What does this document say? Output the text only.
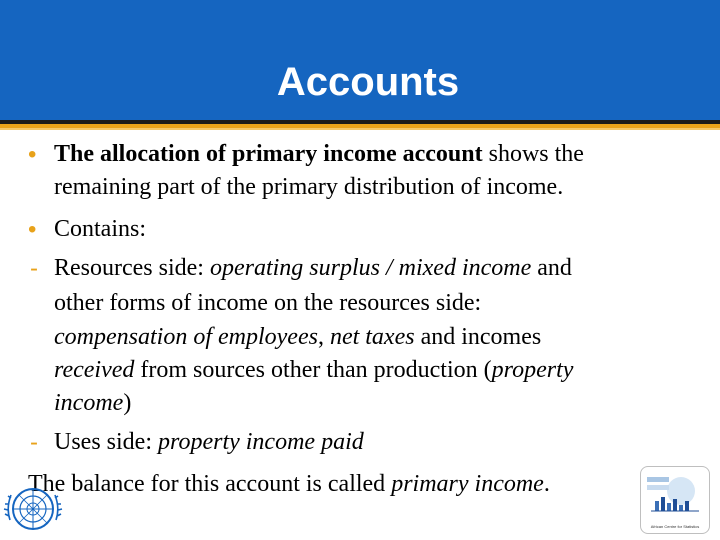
Accounts
• The allocation of primary income account shows the
remaining part of the primary distribution of income.
• Contains:
- Resources side: operating surplus / mixed income and
other forms of income on the resources side:
compensation of employees, net taxes and incomes
received from sources other than production (property
income)
- Uses side: property income paid
The balance for this account is called primary income.
African Centre for Statistics
